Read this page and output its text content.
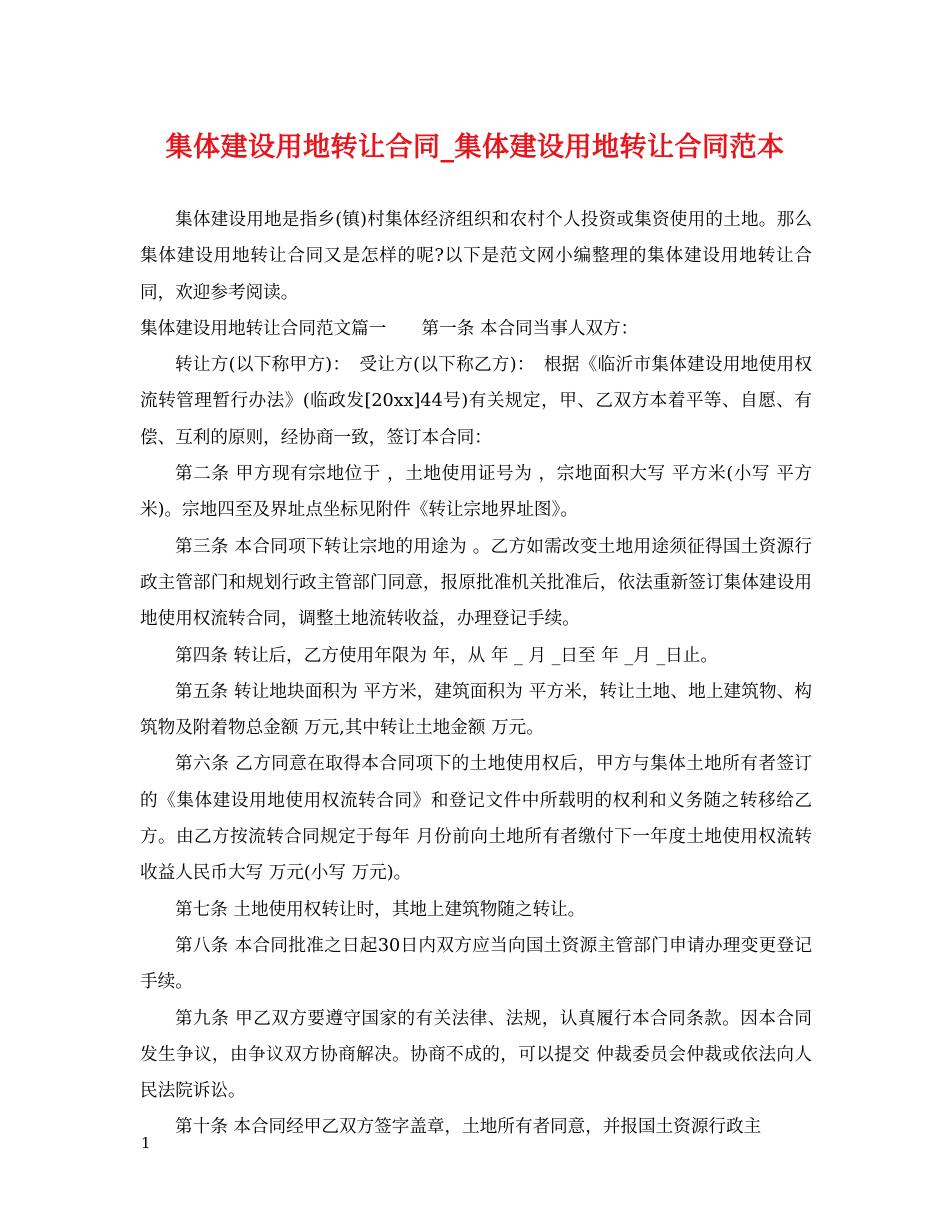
集体建设用地转让合同_集体建设用地转让合同范本

集体建设用地是指乡(镇)村集体经济组织和农村个人投资或集资使用的土地。那么集体建设用地转让合同又是怎样的呢?以下是范文网小编整理的集体建设用地转让合同，欢迎参考阅读。

集体建设用地转让合同范文篇一　　第一条 本合同当事人双方：

转让方(以下称甲方)：　受让方(以下称乙方)：　根据《临沂市集体建设用地使用权流转管理暂行办法》(临政发[20xx]44号)有关规定，甲、乙双方本着平等、自愿、有偿、互利的原则，经协商一致，签订本合同：

第二条 甲方现有宗地位于 ，土地使用证号为 ，宗地面积大写 平方米(小写 平方米)。宗地四至及界址点坐标见附件《转让宗地界址图》。

第三条 本合同项下转让宗地的用途为 。乙方如需改变土地用途须征得国土资源行政主管部门和规划行政主管部门同意，报原批准机关批准后，依法重新签订集体建设用地使用权流转合同，调整土地流转收益，办理登记手续。

第四条 转让后，乙方使用年限为 年，从 年 _ 月 _日至 年 _月 _日止。

第五条 转让地块面积为 平方米，建筑面积为 平方米，转让土地、地上建筑物、构筑物及附着物总金额 万元,其中转让土地金额 万元。

第六条 乙方同意在取得本合同项下的土地使用权后，甲方与集体土地所有者签订的《集体建设用地使用权流转合同》和登记文件中所载明的权利和义务随之转移给乙方。由乙方按流转合同规定于每年 月份前向土地所有者缴付下一年度土地使用权流转收益人民币大写 万元(小写 万元)。

第七条 土地使用权转让时，其地上建筑物随之转让。

第八条 本合同批准之日起30日内双方应当向国土资源主管部门申请办理变更登记手续。

第九条 甲乙双方要遵守国家的有关法律、法规，认真履行本合同条款。因本合同发生争议，由争议双方协商解决。协商不成的，可以提交 仲裁委员会仲裁或依法向人民法院诉讼。

第十条 本合同经甲乙双方签字盖章，土地所有者同意，并报国土资源行政主

1
